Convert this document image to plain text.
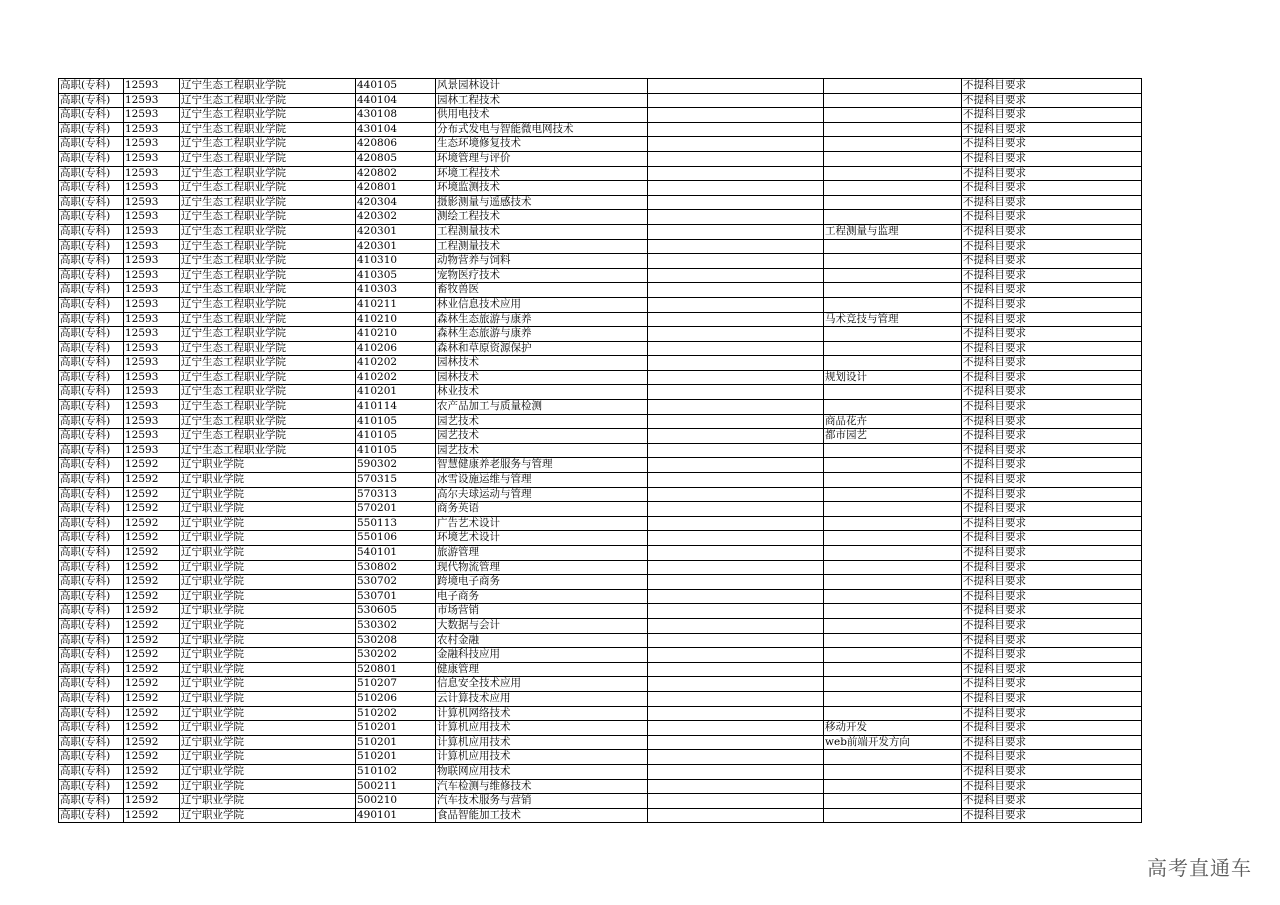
高职(专科)	12593	辽宁生态工程职业学院	440105	风景园林设计			不提科目要求
高职(专科)	12593	辽宁生态工程职业学院	440104	园林工程技术			不提科目要求
高职(专科)	12593	辽宁生态工程职业学院	430108	供用电技术			不提科目要求
高职(专科)	12593	辽宁生态工程职业学院	430104	分布式发电与智能微电网技术			不提科目要求
高职(专科)	12593	辽宁生态工程职业学院	420806	生态环境修复技术			不提科目要求
高职(专科)	12593	辽宁生态工程职业学院	420805	环境管理与评价			不提科目要求
高职(专科)	12593	辽宁生态工程职业学院	420802	环境工程技术			不提科目要求
高职(专科)	12593	辽宁生态工程职业学院	420801	环境监测技术			不提科目要求
高职(专科)	12593	辽宁生态工程职业学院	420304	摄影测量与遥感技术			不提科目要求
高职(专科)	12593	辽宁生态工程职业学院	420302	测绘工程技术			不提科目要求
高职(专科)	12593	辽宁生态工程职业学院	420301	工程测量技术		工程测量与监理	不提科目要求
高职(专科)	12593	辽宁生态工程职业学院	420301	工程测量技术			不提科目要求
高职(专科)	12593	辽宁生态工程职业学院	410310	动物营养与饲料			不提科目要求
高职(专科)	12593	辽宁生态工程职业学院	410305	宠物医疗技术			不提科目要求
高职(专科)	12593	辽宁生态工程职业学院	410303	畜牧兽医			不提科目要求
高职(专科)	12593	辽宁生态工程职业学院	410211	林业信息技术应用			不提科目要求
高职(专科)	12593	辽宁生态工程职业学院	410210	森林生态旅游与康养		马术竞技与管理	不提科目要求
高职(专科)	12593	辽宁生态工程职业学院	410210	森林生态旅游与康养			不提科目要求
高职(专科)	12593	辽宁生态工程职业学院	410206	森林和草原资源保护			不提科目要求
高职(专科)	12593	辽宁生态工程职业学院	410202	园林技术			不提科目要求
高职(专科)	12593	辽宁生态工程职业学院	410202	园林技术		规划设计	不提科目要求
高职(专科)	12593	辽宁生态工程职业学院	410201	林业技术			不提科目要求
高职(专科)	12593	辽宁生态工程职业学院	410114	农产品加工与质量检测			不提科目要求
高职(专科)	12593	辽宁生态工程职业学院	410105	园艺技术		商品花卉	不提科目要求
高职(专科)	12593	辽宁生态工程职业学院	410105	园艺技术		都市园艺	不提科目要求
高职(专科)	12593	辽宁生态工程职业学院	410105	园艺技术			不提科目要求
高职(专科)	12592	辽宁职业学院	590302	智慧健康养老服务与管理			不提科目要求
高职(专科)	12592	辽宁职业学院	570315	冰雪设施运维与管理			不提科目要求
高职(专科)	12592	辽宁职业学院	570313	高尔夫球运动与管理			不提科目要求
高职(专科)	12592	辽宁职业学院	570201	商务英语			不提科目要求
高职(专科)	12592	辽宁职业学院	550113	广告艺术设计			不提科目要求
高职(专科)	12592	辽宁职业学院	550106	环境艺术设计			不提科目要求
高职(专科)	12592	辽宁职业学院	540101	旅游管理			不提科目要求
高职(专科)	12592	辽宁职业学院	530802	现代物流管理			不提科目要求
高职(专科)	12592	辽宁职业学院	530702	跨境电子商务			不提科目要求
高职(专科)	12592	辽宁职业学院	530701	电子商务			不提科目要求
高职(专科)	12592	辽宁职业学院	530605	市场营销			不提科目要求
高职(专科)	12592	辽宁职业学院	530302	大数据与会计			不提科目要求
高职(专科)	12592	辽宁职业学院	530208	农村金融			不提科目要求
高职(专科)	12592	辽宁职业学院	530202	金融科技应用			不提科目要求
高职(专科)	12592	辽宁职业学院	520801	健康管理			不提科目要求
高职(专科)	12592	辽宁职业学院	510207	信息安全技术应用			不提科目要求
高职(专科)	12592	辽宁职业学院	510206	云计算技术应用			不提科目要求
高职(专科)	12592	辽宁职业学院	510202	计算机网络技术			不提科目要求
高职(专科)	12592	辽宁职业学院	510201	计算机应用技术		移动开发	不提科目要求
高职(专科)	12592	辽宁职业学院	510201	计算机应用技术		web前端开发方向	不提科目要求
高职(专科)	12592	辽宁职业学院	510201	计算机应用技术			不提科目要求
高职(专科)	12592	辽宁职业学院	510102	物联网应用技术			不提科目要求
高职(专科)	12592	辽宁职业学院	500211	汽车检测与维修技术			不提科目要求
高职(专科)	12592	辽宁职业学院	500210	汽车技术服务与营销			不提科目要求
高职(专科)	12592	辽宁职业学院	490101	食品智能加工技术			不提科目要求
高考直通车
